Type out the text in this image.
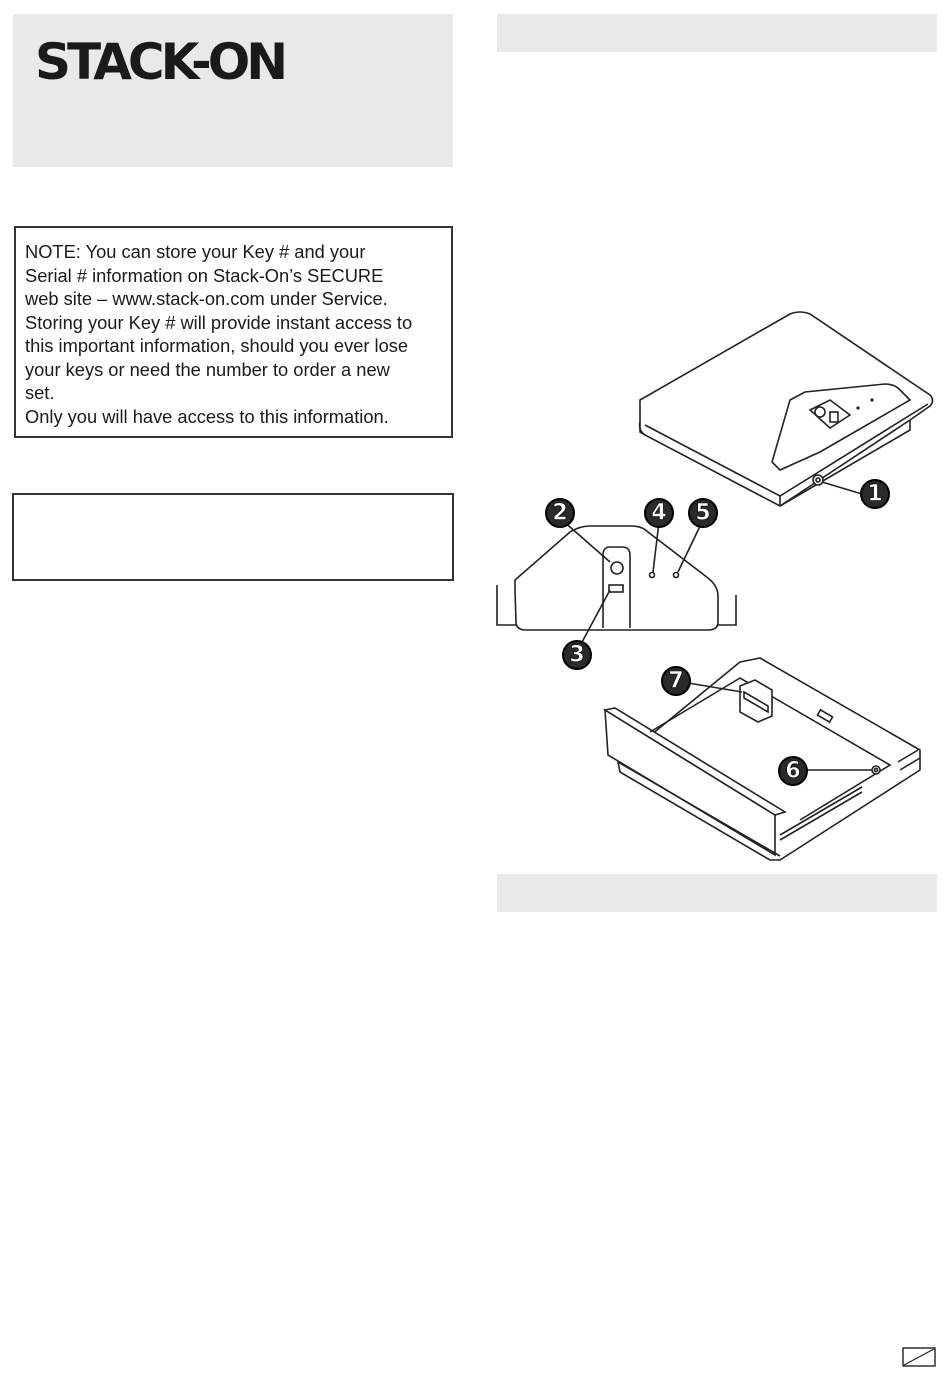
STACK-ON

NOTE: You can store your Key # and your

Serial # information on Stack-On’s SECURE

web site – www.stack-on.com under Service.

Storing your Key # will provide instant access to

this important information, should you ever lose

your keys or need the number to order a new

set.

Only you will have access to this information.

1
2
3
4 5
6
7
